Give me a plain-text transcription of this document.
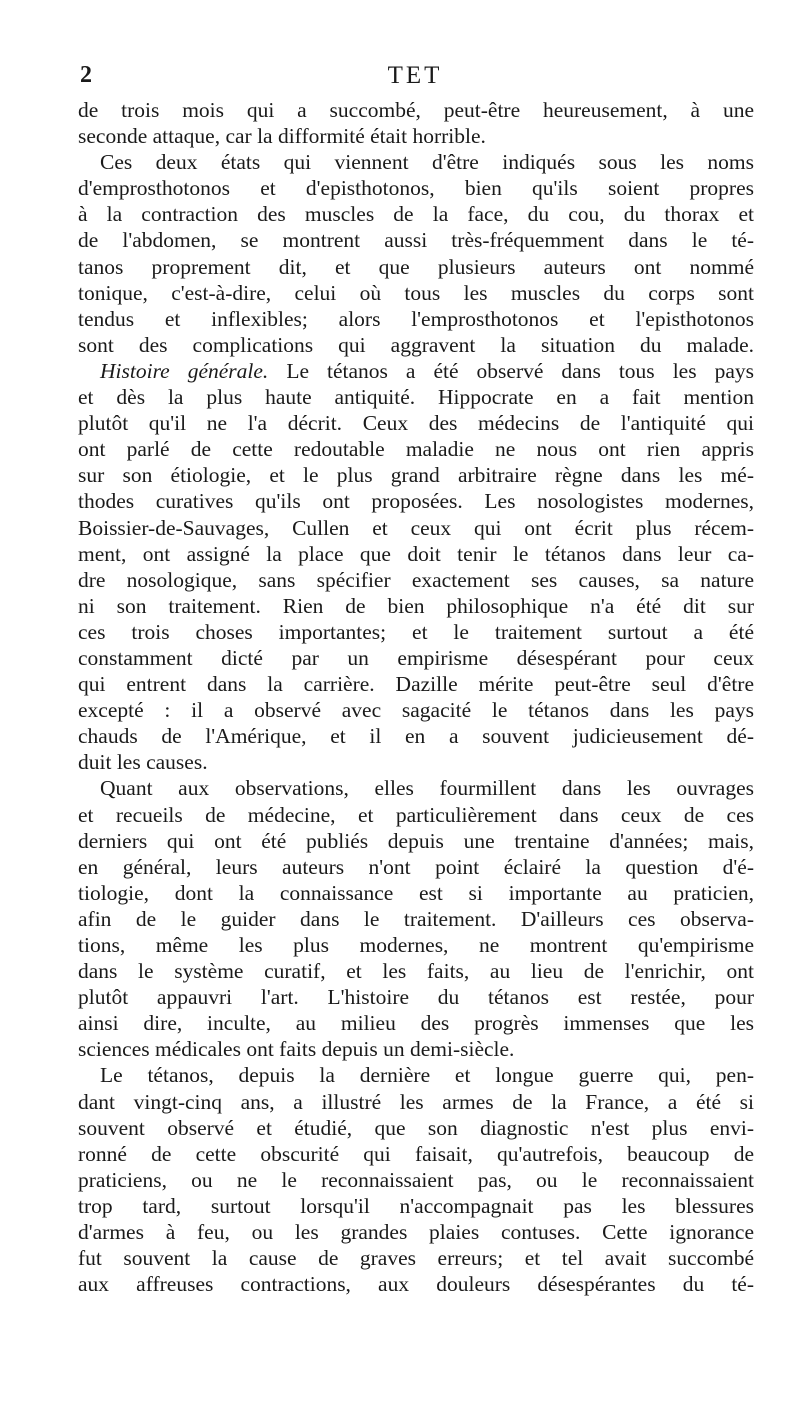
2	TET
de trois mois qui a succombé, peut-être heureusement, à une
seconde attaque, car la difformité était horrible.
Ces deux états qui viennent d'être indiqués sous les noms
d'emprosthotonos et d'episthotonos, bien qu'ils soient propres
à la contraction des muscles de la face, du cou, du thorax et
de l'abdomen, se montrent aussi très-fréquemment dans le té-
tanos proprement dit, et que plusieurs auteurs ont nommé
tonique, c'est-à-dire, celui où tous les muscles du corps sont
tendus et inflexibles; alors l'emprosthotonos et l'episthotonos
sont des complications qui aggravent la situation du malade.
Histoire générale. Le tétanos a été observé dans tous les pays
et dès la plus haute antiquité. Hippocrate en a fait mention
plutôt qu'il ne l'a décrit. Ceux des médecins de l'antiquité qui
ont parlé de cette redoutable maladie ne nous ont rien appris
sur son étiologie, et le plus grand arbitraire règne dans les mé-
thodes curatives qu'ils ont proposées. Les nosologistes modernes,
Boissier-de-Sauvages, Cullen et ceux qui ont écrit plus récem-
ment, ont assigné la place que doit tenir le tétanos dans leur ca-
dre nosologique, sans spécifier exactement ses causes, sa nature
ni son traitement. Rien de bien philosophique n'a été dit sur
ces trois choses importantes; et le traitement surtout a été
constamment dicté par un empirisme désespérant pour ceux
qui entrent dans la carrière. Dazille mérite peut-être seul d'être
excepté : il a observé avec sagacité le tétanos dans les pays
chauds de l'Amérique, et il en a souvent judicieusement dé-
duit les causes.
Quant aux observations, elles fourmillent dans les ouvrages
et recueils de médecine, et particulièrement dans ceux de ces
derniers qui ont été publiés depuis une trentaine d'années; mais,
en général, leurs auteurs n'ont point éclairé la question d'é-
tiologie, dont la connaissance est si importante au praticien,
afin de le guider dans le traitement. D'ailleurs ces observa-
tions, même les plus modernes, ne montrent qu'empirisme
dans le système curatif, et les faits, au lieu de l'enrichir, ont
plutôt appauvri l'art. L'histoire du tétanos est restée, pour
ainsi dire, inculte, au milieu des progrès immenses que les
sciences médicales ont faits depuis un demi-siècle.
Le tétanos, depuis la dernière et longue guerre qui, pen-
dant vingt-cinq ans, a illustré les armes de la France, a été si
souvent observé et étudié, que son diagnostic n'est plus envi-
ronné de cette obscurité qui faisait, qu'autrefois, beaucoup de
praticiens, ou ne le reconnaissaient pas, ou le reconnaissaient
trop tard, surtout lorsqu'il n'accompagnait pas les blessures
d'armes à feu, ou les grandes plaies contuses. Cette ignorance
fut souvent la cause de graves erreurs; et tel avait succombé
aux affreuses contractions, aux douleurs désespérantes du té-
